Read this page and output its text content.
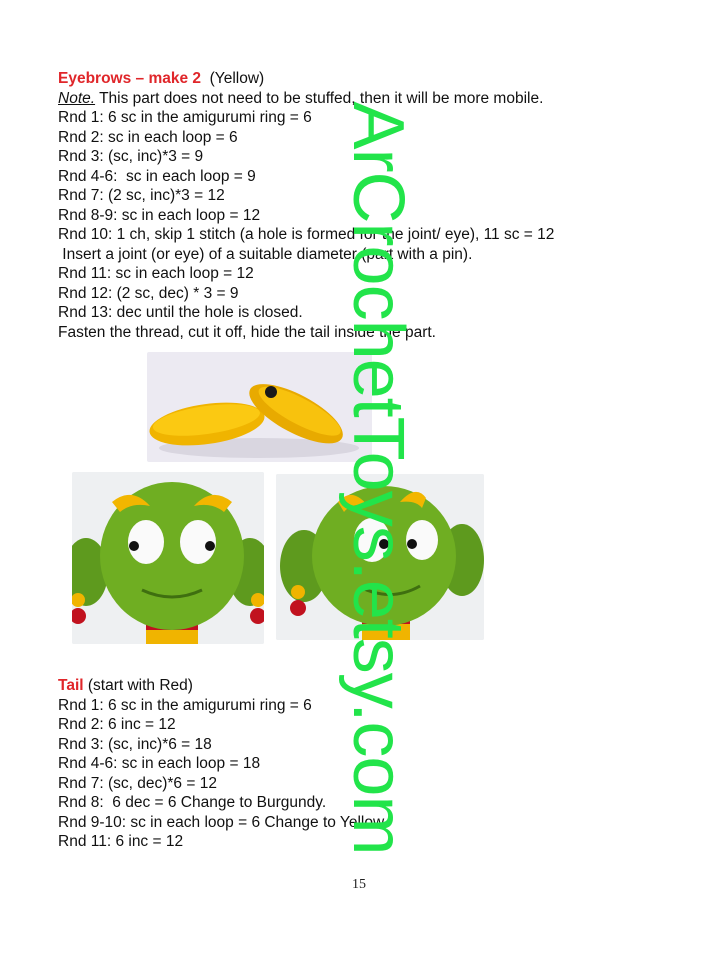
Eyebrows – make 2  (Yellow)
Note. This part does not need to be stuffed, then it will be more mobile.
Rnd 1: 6 sc in the amigurumi ring = 6
Rnd 2: sc in each loop = 6
Rnd 3: (sc, inc)*3 = 9
Rnd 4-6:  sc in each loop = 9
Rnd 7: (2 sc, inc)*3 = 12
Rnd 8-9: sc in each loop = 12
Rnd 10: 1 ch, skip 1 stitch (a hole is formed for the joint/ eye), 11 sc = 12
Insert a joint (or eye) of a suitable diameter (part with a pin).
Rnd 11: sc in each loop = 12
Rnd 12: (2 sc, dec) * 3 = 9
Rnd 13: dec until the hole is closed.
Fasten the thread, cut it off, hide the tail inside the part.
Tail (start with Red)
Rnd 1: 6 sc in the amigurumi ring = 6
Rnd 2: 6 inc = 12
Rnd 3: (sc, inc)*6 = 18
Rnd 4-6: sc in each loop = 18
Rnd 7: (sc, dec)*6 = 12
Rnd 8:  6 dec = 6 Change to Burgundy.
Rnd 9-10: sc in each loop = 6 Change to Yellow.
Rnd 11: 6 inc = 12
15
ArCrochetToys.etsy.com
